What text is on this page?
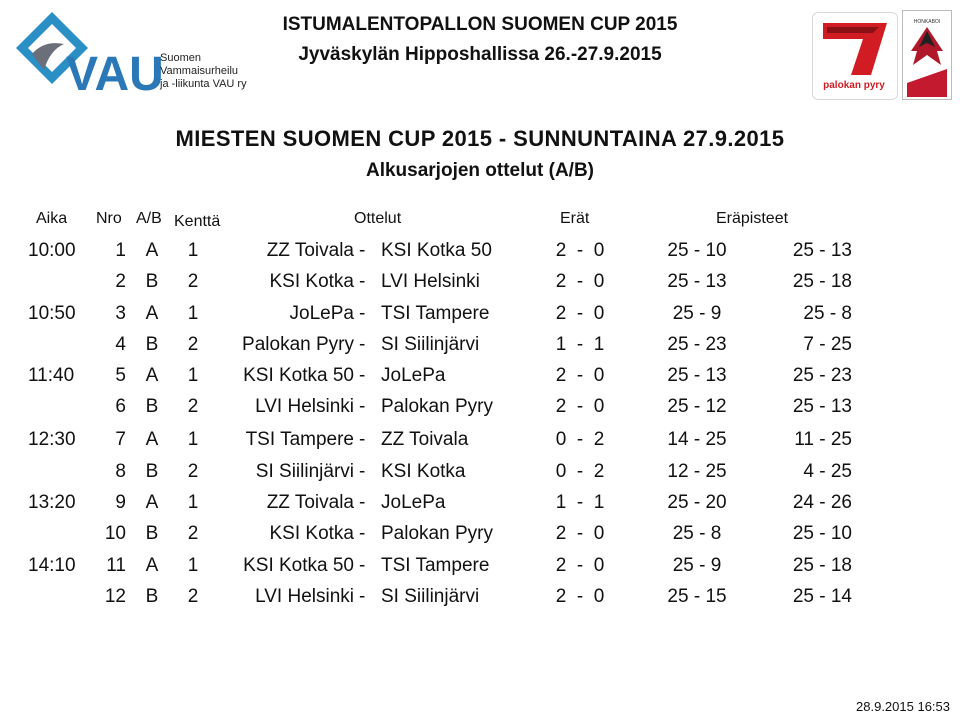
VAU
Suomen
Vammaisurheilu
ja -liikunta VAU ry
ISTUMALENTOPALLON SUOMEN CUP 2015
Jyväskylän Hipposhallissa 26.-27.9.2015
palokan pyry
HONKABOI
MIESTEN SUOMEN CUP 2015 - SUNNUNTAINA 27.9.2015
Alkusarjojen ottelut (A/B)
Aika Nro A/B Kenttä	Ottelut	Erät	Eräpisteet
10:00	1 A 1	ZZ Toivala - KSI Kotka 50	2  -  0	25 - 10	25 - 13
2 B 2	KSI Kotka - LVI Helsinki	2  -  0	25 - 13	25 - 18
10:50	3 A 1	JoLePa - TSI Tampere	2  -  0	25 - 9	25 - 8
4 B 2 Palokan Pyry - SI Siilinjärvi	1  -  1	25 - 23	7 - 25
11:40	5 A 1 KSI Kotka 50 - JoLePa	2  -  0	25 - 13	25 - 23
6 B 2	LVI Helsinki - Palokan Pyry	2  -  0	25 - 12	25 - 13
12:30	7 A 1 TSI Tampere - ZZ Toivala	0  -  2	14 - 25	11 - 25
8 B 2	SI Siilinjärvi - KSI Kotka	0  -  2	12 - 25	4 - 25
13:20	9 A 1	ZZ Toivala - JoLePa	1  -  1	25 - 20	24 - 26
10 B 2	KSI Kotka - Palokan Pyry	2  -  0	25 - 8	25 - 10
14:10	11 A 1 KSI Kotka 50 - TSI Tampere	2  -  0	25 - 9	25 - 18
12 B 2	LVI Helsinki - SI Siilinjärvi	2  -  0	25 - 15	25 - 14
28.9.2015 16:53
